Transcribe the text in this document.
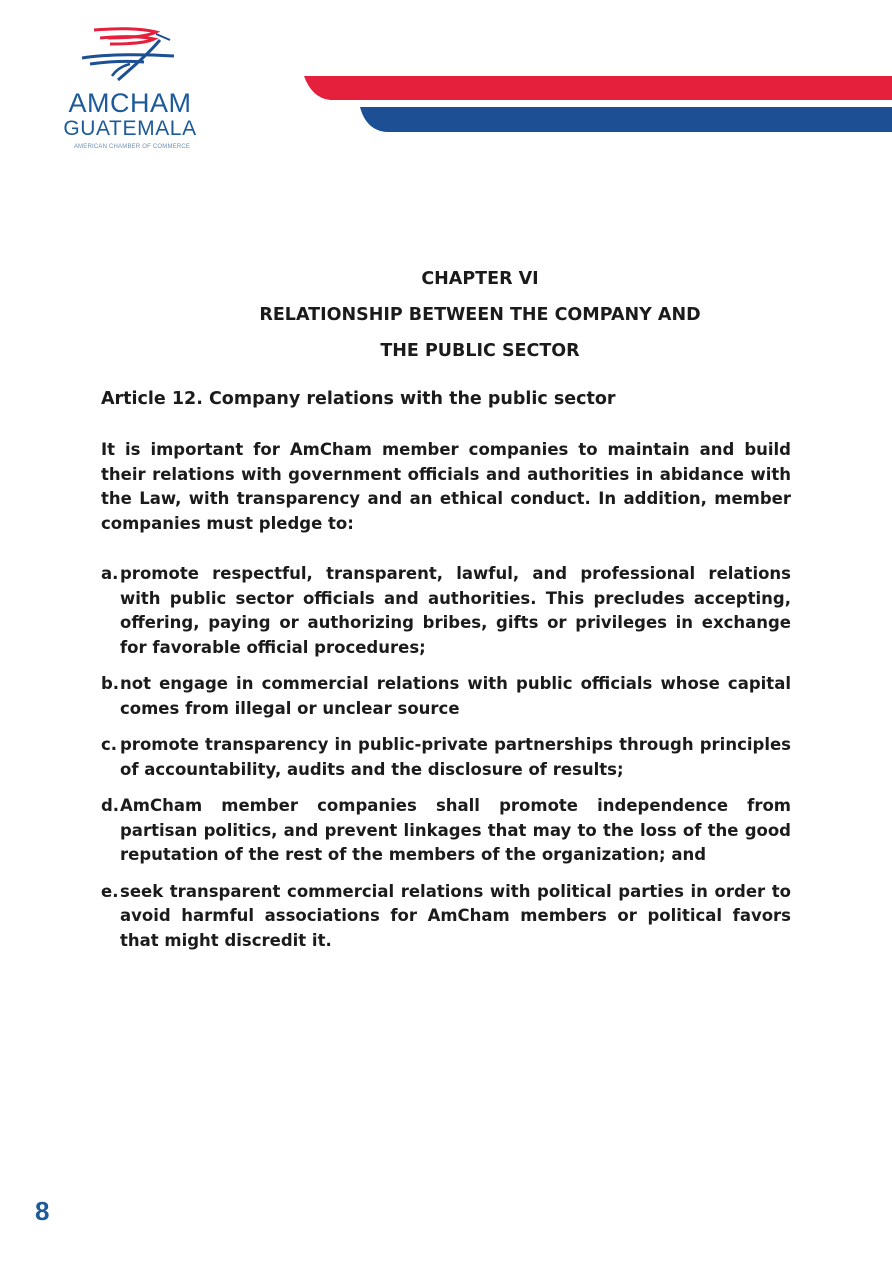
AMCHAM
GUATEMALA
AMERICAN CHAMBER OF COMMERCE
CHAPTER VI
RELATIONSHIP BETWEEN THE COMPANY AND
THE PUBLIC SECTOR
Article 12. Company relations with the public sector

It is important for AmCham member companies to maintain and build their relations with government officials and authorities in abidance with the Law, with transparency and an ethical conduct. In addition, member companies must pledge to:

a. promote respectful, transparent, lawful, and professional relations with public sector officials and authorities. This precludes accepting, offering, paying or authorizing bribes, gifts or privileges in exchange for favorable official procedures;
b. not engage in commercial relations with public officials whose capital comes from illegal or unclear source
c. promote transparency in public-private partnerships through principles of accountability, audits and the disclosure of results;
d. AmCham member companies shall promote independence from partisan politics, and prevent linkages that may to the loss of the good reputation of the rest of the members of the organization; and
e. seek transparent commercial relations with political parties in order to avoid harmful associations for AmCham members or political favors that might discredit it.
8
